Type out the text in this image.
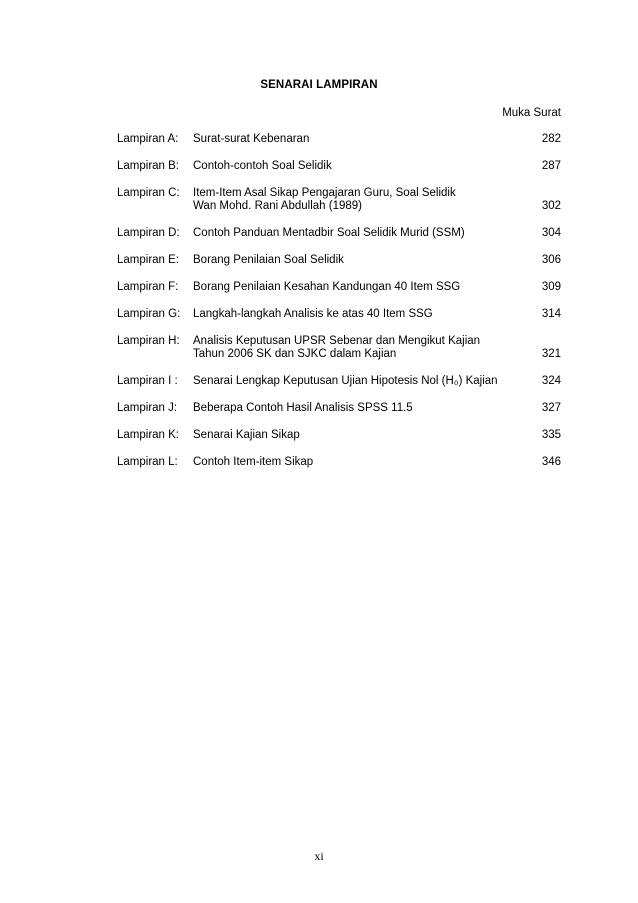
SENARAI LAMPIRAN
Muka Surat
Lampiran A:	Surat-surat Kebenaran	282
Lampiran B:	Contoh-contoh Soal Selidik	287
Lampiran C:	Item-Item Asal Sikap Pengajaran Guru, Soal Selidik
Wan Mohd. Rani Abdullah (1989)	302
Lampiran D:	Contoh Panduan Mentadbir Soal Selidik Murid (SSM)	304
Lampiran E:	Borang Penilaian Soal Selidik	306
Lampiran F:	Borang Penilaian Kesahan Kandungan 40 Item SSG	309
Lampiran G:	Langkah-langkah Analisis ke atas 40 Item SSG	314
Lampiran H:	Analisis Keputusan UPSR Sebenar dan Mengikut Kajian
Tahun 2006 SK dan SJKC dalam Kajian	321
Lampiran I :	Senarai Lengkap Keputusan Ujian Hipotesis Nol (H₀) Kajian	324
Lampiran J:	Beberapa Contoh Hasil Analisis SPSS 11.5	327
Lampiran K:	Senarai Kajian Sikap	335
Lampiran L:	Contoh Item-item Sikap	346
xi
